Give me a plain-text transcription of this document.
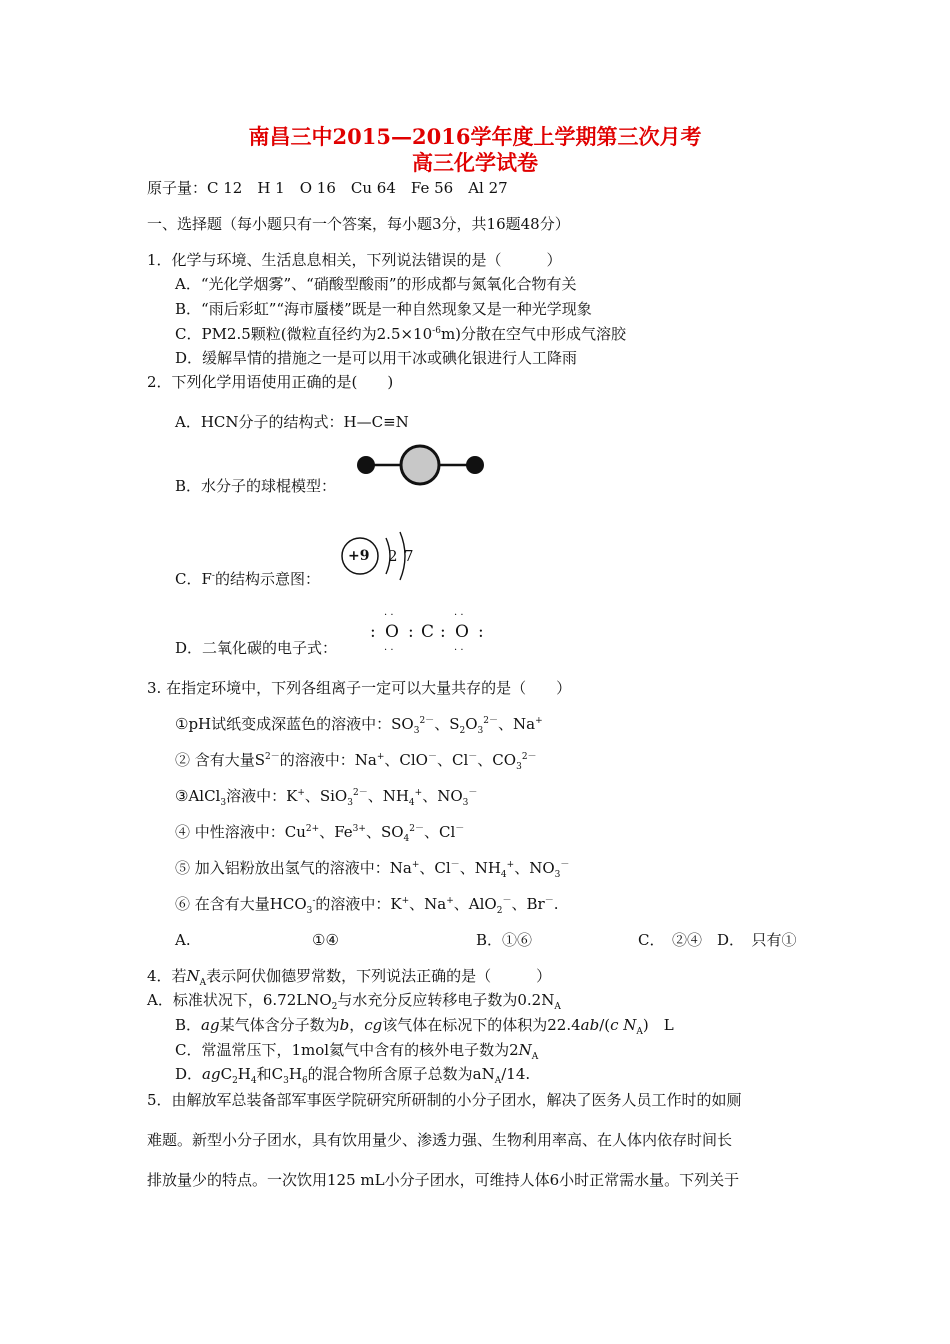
南昌三中2015—2016学年度上学期第三次月考
高三化学试卷
原子量：C 12　H 1　O 16　Cu 64　Fe 56　Al 27
一、选择题（每小题只有一个答案，每小题3分，共16题48分）
1．化学与环境、生活息息相关，下列说法错误的是（　　　）
A．“光化学烟雾”、“硝酸型酸雨”的形成都与氮氧化合物有关
B．“雨后彩虹”“海市蜃楼”既是一种自然现象又是一种光学现象
C．PM2.5颗粒(微粒直径约为$2.5\times 10^{-6}m$)分散在空气中形成气溶胶
D．缓解旱情的措施之一是可以用干冰或碘化银进行人工降雨
2．下列化学用语使用正确的是(　　)
A．HCN分子的结构式：H—C≡N
B．水分子的球棍模型：
C．F-的结构示意图：
+9 2 7
D．二氧化碳的电子式：
· ·	· ·
: O : C : O :
· ·	· ·
3. 在指定环境中，下列各组离子一定可以大量共存的是（　　）
①pH试纸变成深蓝色的溶液中：$SO_3^{2-}$、$S_2O_3^{2-}$、Na+
② 含有大量$S^{2-}$的溶液中：Na+、ClO－、Cl－、$CO_3^{2-}$
③AlCl$_3$溶液中：K+、SiO$_3^{2-}$、$NH_4^+$、$NO_3^-$
④ 中性溶液中：$Cu^{2+}$、$Fe^{3+}$、$SO_4^{2-}$、Cl－
⑤ 加入铝粉放出氢气的溶液中：Na+、Cl－、$NH_4^+$、$NO_3^-$
⑥ 在含有大量$HCO_3^-$的溶液中：K+、Na+、AlO$_2$－、Br－.
A.	①④	B．①⑥	C．　②④　D．　只有①
4．若$N_A$表示阿伏伽德罗常数，下列说法正确的是（　　　）
A．标准状况下，$6.72LNO_2$与水充分反应转移电子数为$0.2N_A$
B．ag某气体含分子数为b，cg该气体在标况下的体积为22.4ab/(c $N_A$)　L
C．常温常压下，1mol氦气中含有的核外电子数为$2N_A$
D．$agC_2H_4$和$C_3H_6$的混合物所含原子总数为$aN_A/14$.
5．由解放军总装备部军事医学院研究所研制的小分子团水，解决了医务人员工作时的如厕
难题。新型小分子团水，具有饮用量少、渗透力强、生物利用率高、在人体内依存时间长
排放量少的特点。一次饮用125 mL小分子团水，可维持人体6小时正常需水量。下列关于
